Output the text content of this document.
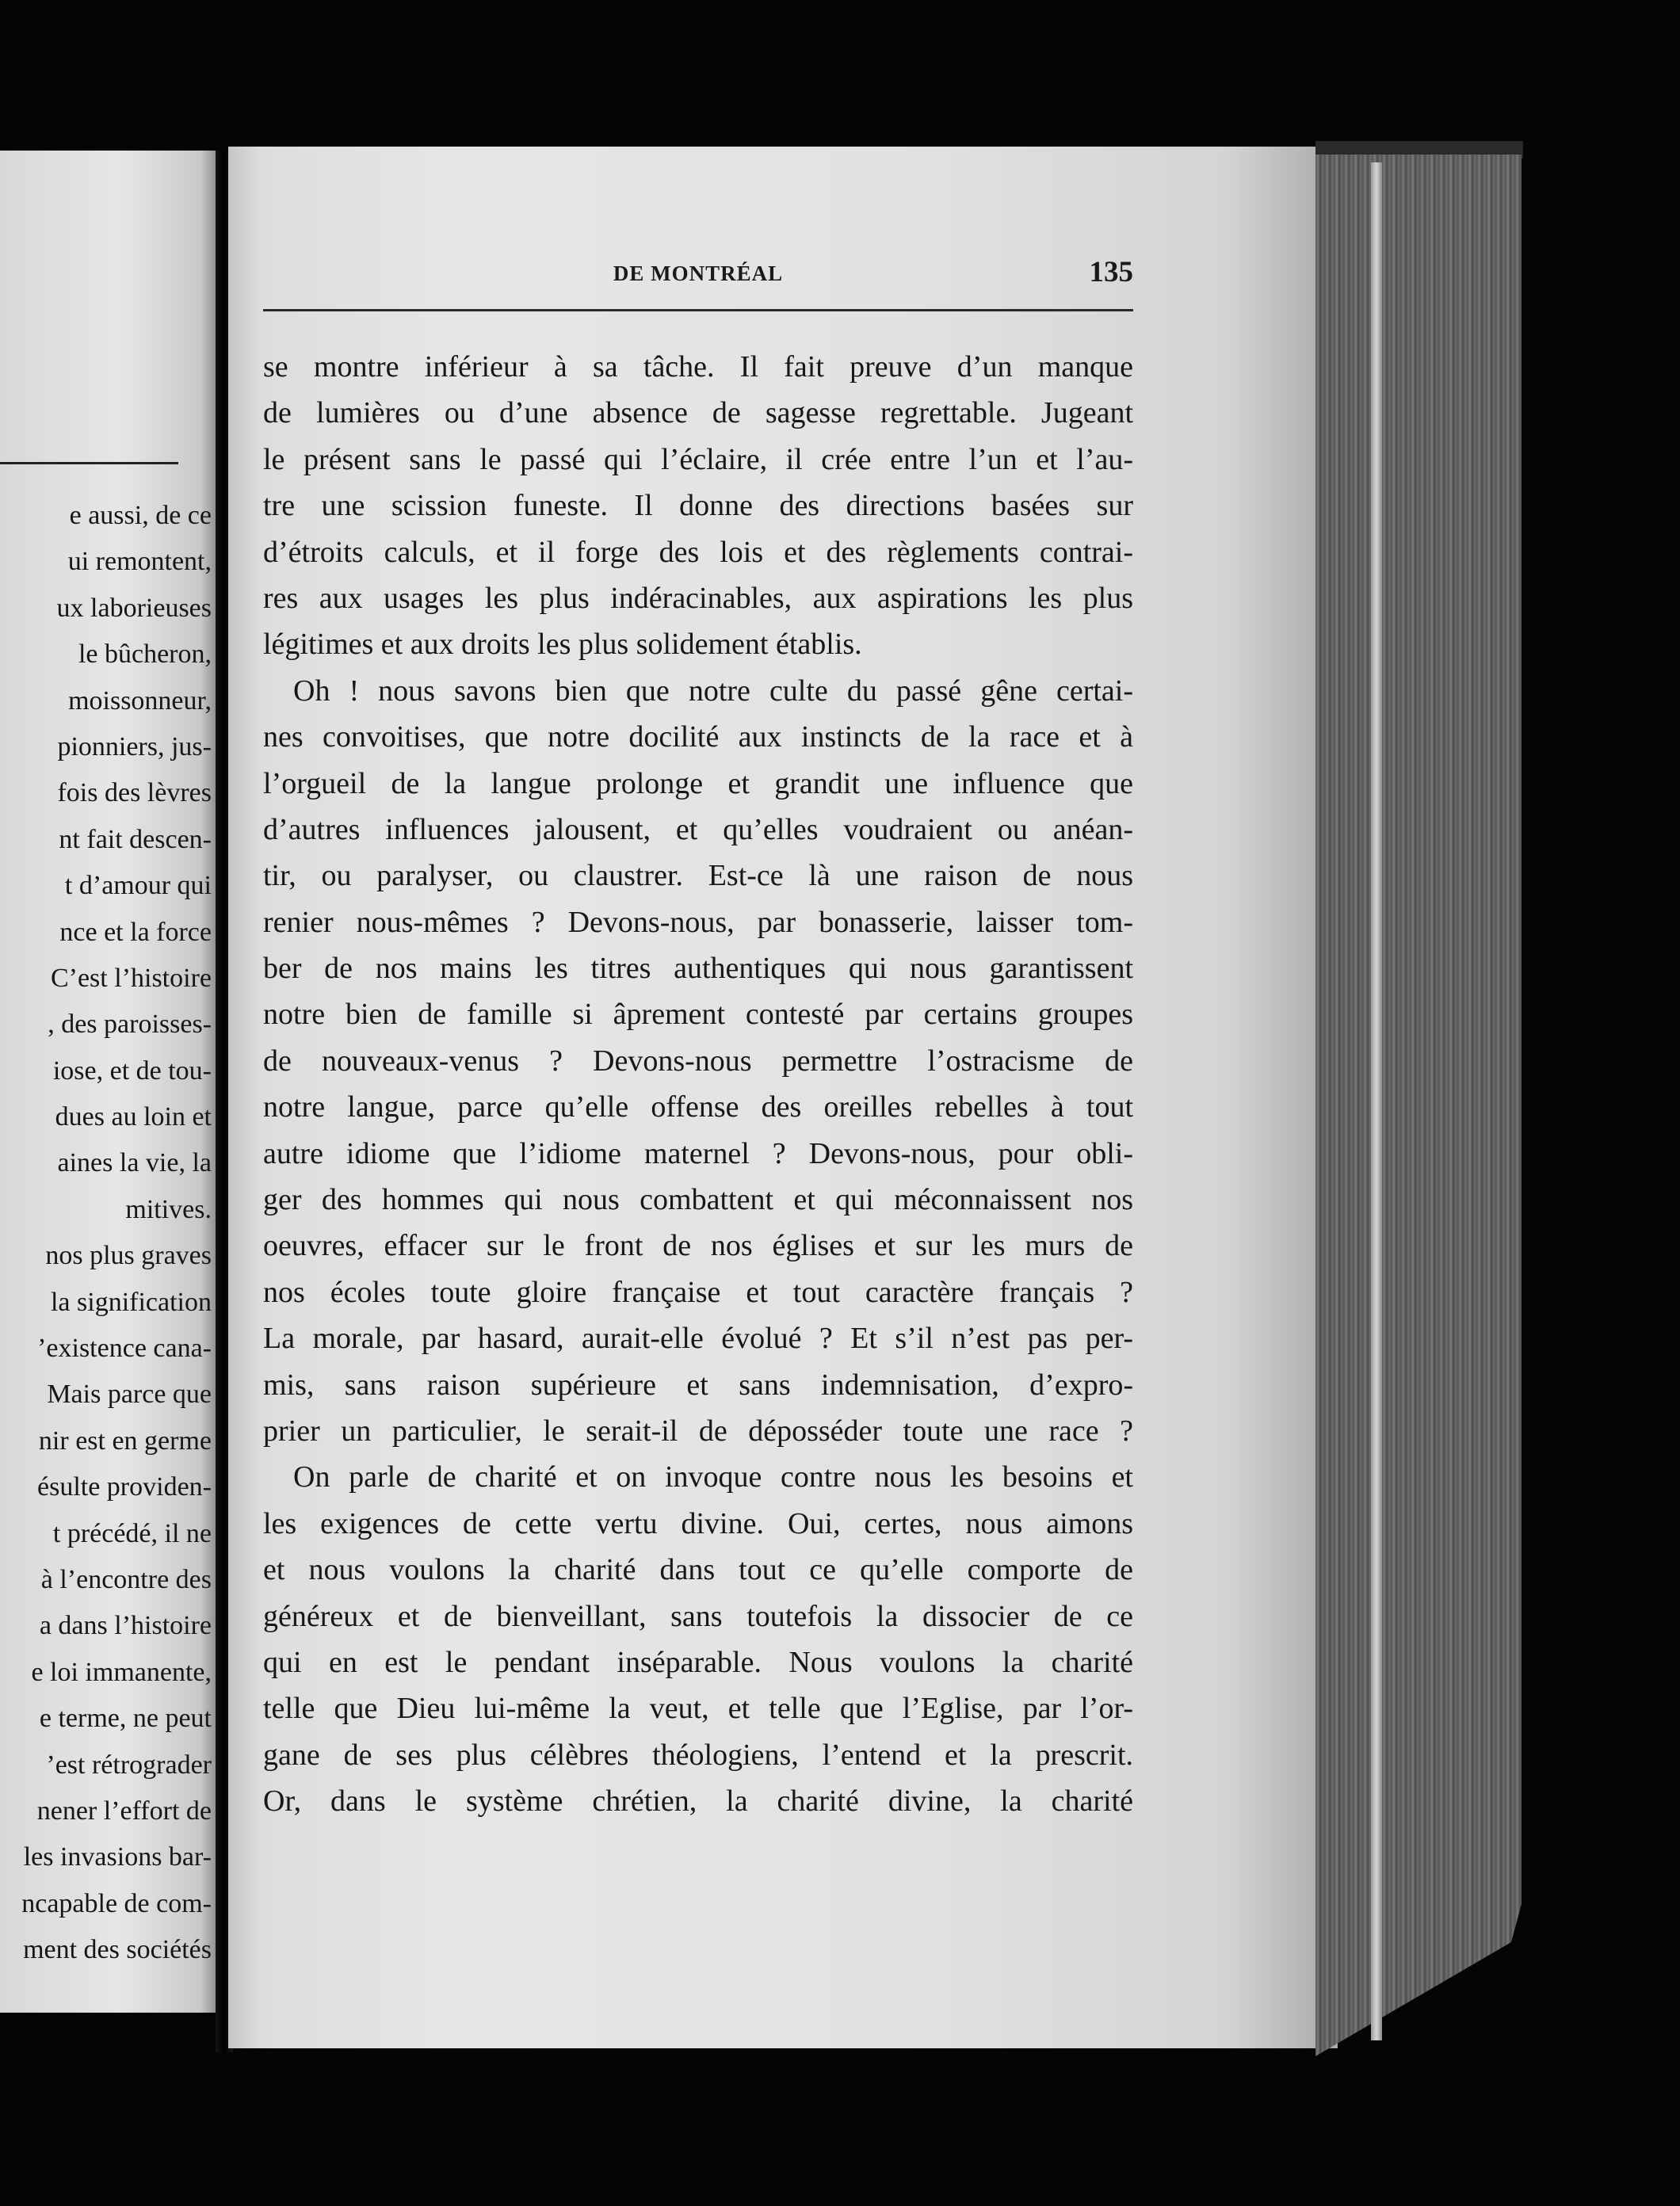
e aussi, de ce
ui remontent,
ux laborieuses
le bûcheron,
moissonneur,
pionniers, jus-
fois des lèvres
nt fait descen-
t d’amour qui
nce et la force
C’est l’histoire
, des paroisses-
iose, et de tou-
dues au loin et
aines la vie, la
mitives.
nos plus graves
la signification
’existence cana-
Mais parce que
nir est en germe
ésulte providen-
t précédé, il ne
à l’encontre des
a dans l’histoire
e loi immanente,
e terme, ne peut
’est rétrograder
nener l’effort de
les invasions bar-
ncapable de com-
ment des sociétés
DE MONTRÉAL	135
se montre inférieur à sa tâche. Il fait preuve d’un manque
de lumières ou d’une absence de sagesse regrettable. Jugeant
le présent sans le passé qui l’éclaire, il crée entre l’un et l’au-
tre une scission funeste. Il donne des directions basées sur
d’étroits calculs, et il forge des lois et des règlements contrai-
res aux usages les plus indéracinables, aux aspirations les plus
légitimes et aux droits les plus solidement établis.
Oh ! nous savons bien que notre culte du passé gêne certai-
nes convoitises, que notre docilité aux instincts de la race et à
l’orgueil de la langue prolonge et grandit une influence que
d’autres influences jalousent, et qu’elles voudraient ou anéan-
tir, ou paralyser, ou claustrer. Est-ce là une raison de nous
renier nous-mêmes ? Devons-nous, par bonasserie, laisser tom-
ber de nos mains les titres authentiques qui nous garantissent
notre bien de famille si âprement contesté par certains groupes
de nouveaux-venus ? Devons-nous permettre l’ostracisme de
notre langue, parce qu’elle offense des oreilles rebelles à tout
autre idiome que l’idiome maternel ? Devons-nous, pour obli-
ger des hommes qui nous combattent et qui méconnaissent nos
oeuvres, effacer sur le front de nos églises et sur les murs de
nos écoles toute gloire française et tout caractère français ?
La morale, par hasard, aurait-elle évolué ? Et s’il n’est pas per-
mis, sans raison supérieure et sans indemnisation, d’expro-
prier un particulier, le serait-il de déposséder toute une race ?
On parle de charité et on invoque contre nous les besoins et
les exigences de cette vertu divine. Oui, certes, nous aimons
et nous voulons la charité dans tout ce qu’elle comporte de
généreux et de bienveillant, sans toutefois la dissocier de ce
qui en est le pendant inséparable. Nous voulons la charité
telle que Dieu lui-même la veut, et telle que l’Eglise, par l’or-
gane de ses plus célèbres théologiens, l’entend et la prescrit.
Or, dans le système chrétien, la charité divine, la charité
